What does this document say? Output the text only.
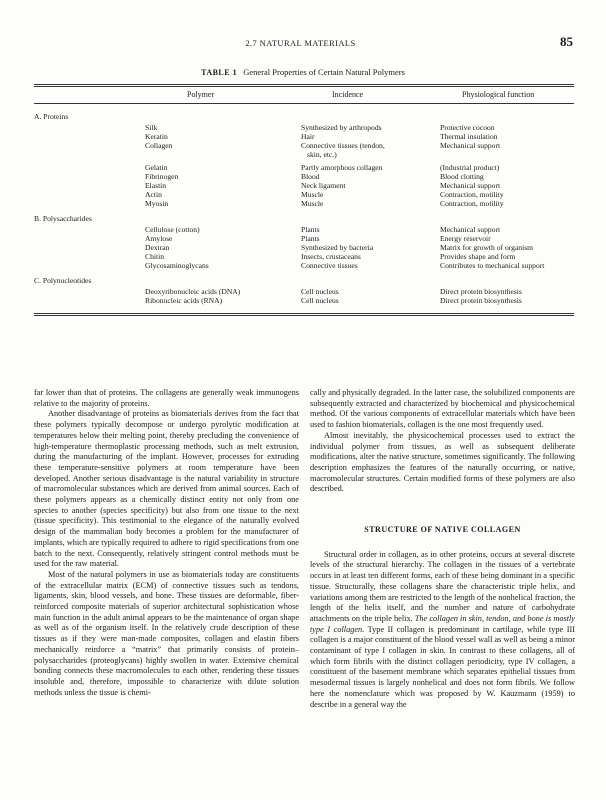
2.7 NATURAL MATERIALS	85
TABLE 1 General Properties of Certain Natural Polymers
Polymer	Incidence	Physiological function
A. Proteins
Silk	Synthesized by arthropods	Protective cocoon
Keratin	Hair	Thermal insulation
Collagen	Connective tissues (tendon,	Mechanical support
skin, etc.)
Gelatin	Partly amorphous collagen	(Industrial product)
Fibrinogen	Blood	Blood clotting
Elastin	Neck ligament	Mechanical support
Actin	Muscle	Contraction, motility
Myosin	Muscle	Contraction, motility
B. Polysaccharides
Cellulose (cotton)	Plants	Mechanical support
Amylose	Plants	Energy reservoir
Dextran	Synthesized by bacteria	Matrix for growth of organism
Chitin	Insects, crustaceans	Provides shape and form
Glycosaminoglycans	Connective tissues	Contributes to mechanical support
C. Polynucleotides
Deoxyribonucleic acids (DNA)	Cell nucleus	Direct protein biosynthesis
Ribonucleic acids (RNA)	Cell nucleus	Direct protein biosynthesis

far lower than that of proteins. The collagens are generally weak immunogens relative to the majority of proteins.

Another disadvantage of proteins as biomaterials derives from the fact that these polymers typically decompose or undergo pyrolytic modification at temperatures below their melting point, thereby precluding the convenience of high-temperature thermoplastic processing methods, such as melt extrusion, during the manufacturing of the implant. However, processes for extruding these temperature-sensitive polymers at room temperature have been developed. Another serious disadvantage is the natural variability in structure of macromolecular substances which are derived from animal sources. Each of these polymers appears as a chemically distinct entity not only from one species to another (species specificity) but also from one tissue to the next (tissue specificity). This testimonial to the elegance of the naturally evolved design of the mammalian body becomes a problem for the manufacturer of implants, which are typically required to adhere to rigid specifications from one batch to the next. Consequently, relatively stringent control methods must be used for the raw material.

Most of the natural polymers in use as biomaterials today are constituents of the extracellular matrix (ECM) of connective tissues such as tendons, ligaments, skin, blood vessels, and bone. These tissues are deformable, fiber-reinforced composite materials of superior architectural sophistication whose main function in the adult animal appears to be the maintenance of organ shape as well as of the organism itself. In the relatively crude description of these tissues as if they were man-made composites, collagen and elastin fibers mechanically reinforce a “matrix” that primarily consists of protein–polysaccharides (proteoglycans) highly swollen in water. Extensive chemical bonding connects these macromolecules to each other, rendering these tissues insoluble and, therefore, impossible to characterize with dilute solution methods unless the tissue is chemi-

cally and physically degraded. In the latter case, the solubilized components are subsequently extracted and characterized by biochemical and physicochemical method. Of the various components of extracellular materials which have been used to fashion biomaterials, collagen is the one most frequently used.

Almost inevitably, the physicochemical processes used to extract the individual polymer from tissues, as well as subsequent deliberate modifications, alter the native structure, sometimes significantly. The following description emphasizes the features of the naturally occurring, or native, macromolecular structures. Certain modified forms of these polymers are also described.

STRUCTURE OF NATIVE COLLAGEN

Structural order in collagen, as in other proteins, occurs at several discrete levels of the structural hierarchy. The collagen in the tissues of a vertebrate occurs in at least ten different forms, each of these being dominant in a specific tissue. Structurally, these collagens share the characteristic triple helix, and variations among them are restricted to the length of the nonhelical fraction, the length of the helix itself, and the number and nature of carbohydrate attachments on the triple helix. The collagen in skin, tendon, and bone is mostly type I collagen. Type II collagen is predominant in cartilage, while type III collagen is a major constituent of the blood vessel wall as well as being a minor contaminant of type I collagen in skin. In contrast to these collagens, all of which form fibrils with the distinct collagen periodicity, type IV collagen, a constituent of the basement membrane which separates epithelial tissues from mesodermal tissues is largely nonhelical and does not form fibrils. We follow here the nomenclature which was proposed by W. Kauzmann (1959) to describe in a general way the
